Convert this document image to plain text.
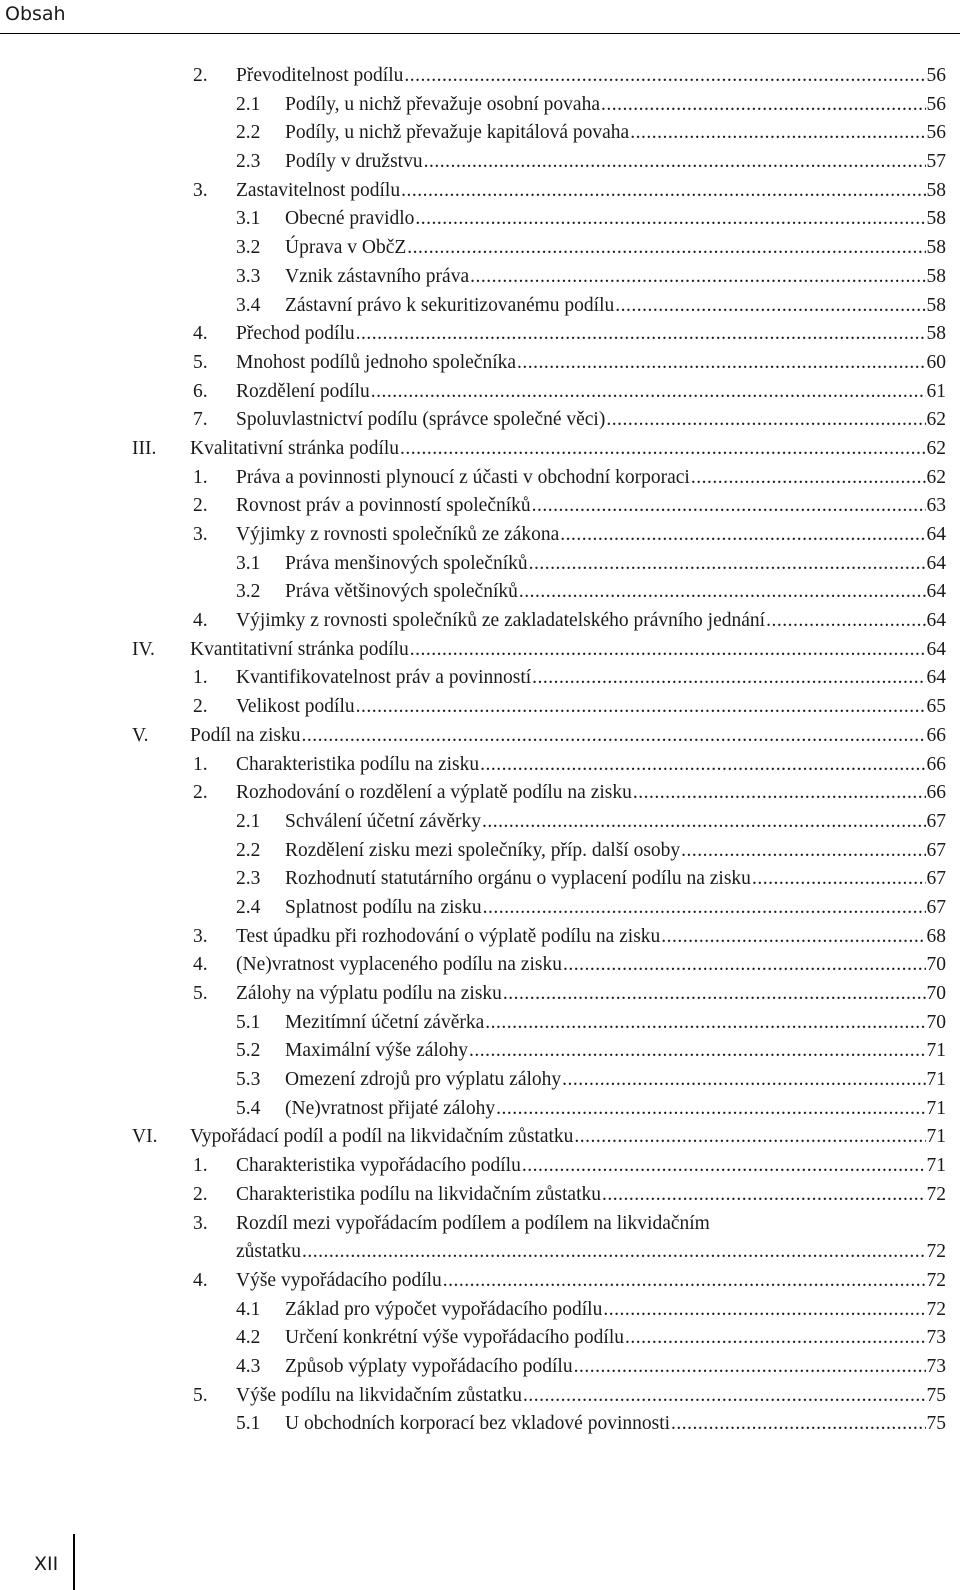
Obsah
2. Převoditelnost podílu .....	56
2.1 Podíly, u nichž převažuje osobní povaha .....	56
2.2 Podíly, u nichž převažuje kapitálová povaha .....	56
2.3 Podíly v družstvu .....	57
3. Zastavitelnost podílu .....	58
3.1 Obecné pravidlo .....	58
3.2 Úprava v ObčZ .....	58
3.3 Vznik zástavního práva .....	58
3.4 Zástavní právo k sekuritizovanému podílu .....	58
4. Přechod podílu .....	58
5. Mnohost podílů jednoho společníka .....	60
6. Rozdělení podílu .....	61
7. Spoluvlastnictví podílu (správce společné věci) .....	62
III. Kvalitativní stránka podílu .....	62
1. Práva a povinnosti plynoucí z účasti v obchodní korporaci .....	62
2. Rovnost práv a povinností společníků .....	63
3. Výjimky z rovnosti společníků ze zákona .....	64
3.1 Práva menšinových společníků .....	64
3.2 Práva většinových společníků .....	64
4. Výjimky z rovnosti společníků ze zakladatelského právního jednání .....	64
IV. Kvantitativní stránka podílu .....	64
1. Kvantifikovatelnost práv a povinností .....	64
2. Velikost podílu .....	65
V. Podíl na zisku .....	66
1. Charakteristika podílu na zisku .....	66
2. Rozhodování o rozdělení a výplatě podílu na zisku .....	66
2.1 Schválení účetní závěrky .....	67
2.2 Rozdělení zisku mezi společníky, příp. další osoby .....	67
2.3 Rozhodnutí statutárního orgánu o vyplacení podílu na zisku .....	67
2.4 Splatnost podílu na zisku .....	67
3. Test úpadku při rozhodování o výplatě podílu na zisku .....	68
4. (Ne)vratnost vyplaceného podílu na zisku .....	70
5. Zálohy na výplatu podílu na zisku .....	70
5.1 Mezitímní účetní závěrka .....	70
5.2 Maximální výše zálohy .....	71
5.3 Omezení zdrojů pro výplatu zálohy .....	71
5.4 (Ne)vratnost přijaté zálohy .....	71
VI. Vypořádací podíl a podíl na likvidačním zůstatku .....	71
1. Charakteristika vypořádacího podílu .....	71
2. Charakteristika podílu na likvidačním zůstatku .....	72
3. Rozdíl mezi vypořádacím podílem a podílem na likvidačním
zůstatku .....	72
4. Výše vypořádacího podílu .....	72
4.1 Základ pro výpočet vypořádacího podílu .....	72
4.2 Určení konkrétní výše vypořádacího podílu .....	73
4.3 Způsob výplaty vypořádacího podílu .....	73
5. Výše podílu na likvidačním zůstatku .....	75
5.1 U obchodních korporací bez vkladové povinnosti .....	75
XII
